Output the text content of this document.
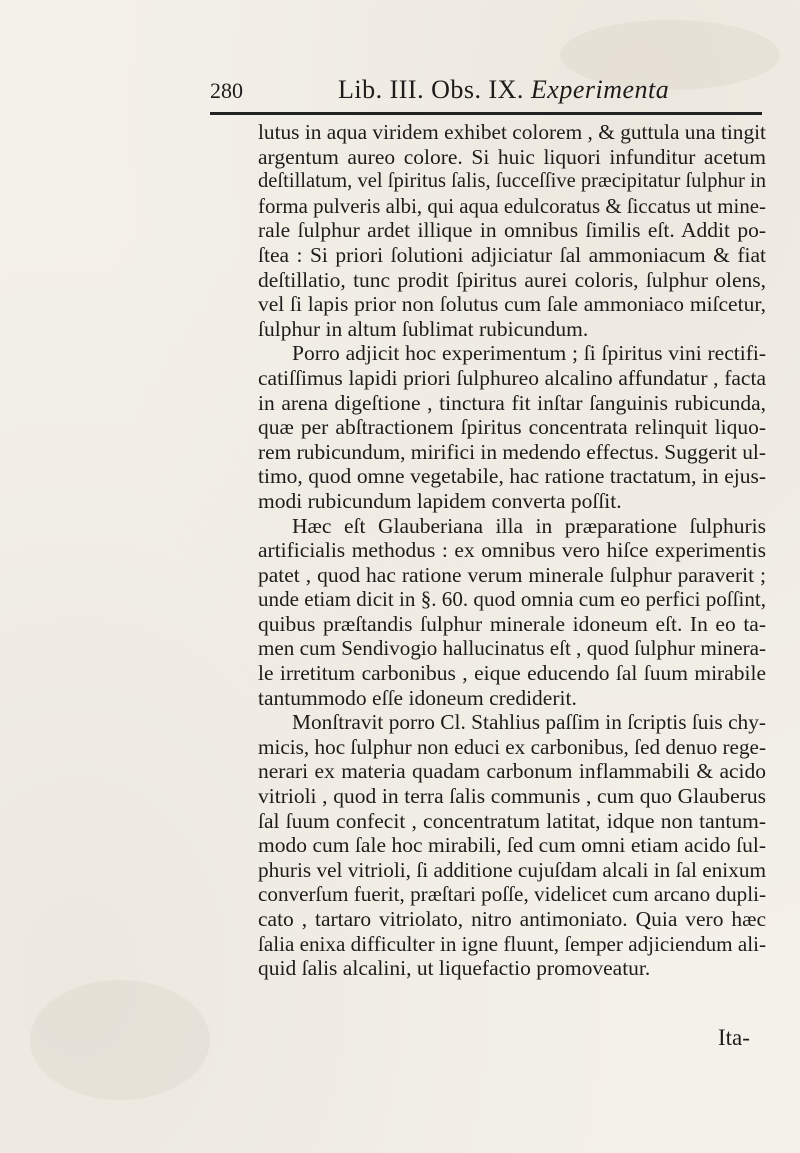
280	Lib. III. Obs. IX. Experimenta
lutus in aqua viridem exhibet colorem , & guttula una tingit
argentum aureo colore. Si huic liquori infunditur acetum
deſtillatum, vel ſpiritus ſalis, ſucceſſive præcipitatur ſulphur in
forma pulveris albi, qui aqua edulcoratus & ſiccatus ut mine-
rale ſulphur ardet illique in omnibus ſimilis eſt. Addit po-
ſtea : Si priori ſolutioni adjiciatur ſal ammoniacum & fiat
deſtillatio, tunc prodit ſpiritus aurei coloris, ſulphur olens,
vel ſi lapis prior non ſolutus cum ſale ammoniaco miſcetur,
ſulphur in altum ſublimat rubicundum.
Porro adjicit hoc experimentum ; ſi ſpiritus vini rectifi-
catiſſimus lapidi priori ſulphureo alcalino affundatur , facta
in arena digeſtione , tinctura fit inſtar ſanguinis rubicunda,
quæ per abſtractionem ſpiritus concentrata relinquit liquo-
rem rubicundum, mirifici in medendo effectus. Suggerit ul-
timo, quod omne vegetabile, hac ratione tractatum, in ejus-
modi rubicundum lapidem converta poſſit.
Hæc eſt Glauberiana illa in præparatione ſulphuris
artificialis methodus : ex omnibus vero hiſce experimentis
patet , quod hac ratione verum minerale ſulphur paraverit ;
unde etiam dicit in §. 60. quod omnia cum eo perfici poſſint,
quibus præſtandis ſulphur minerale idoneum eſt. In eo ta-
men cum Sendivogio hallucinatus eſt , quod ſulphur minera-
le irretitum carbonibus , eique educendo ſal ſuum mirabile
tantummodo eſſe idoneum crediderit.
Monſtravit porro Cl. Stahlius paſſim in ſcriptis ſuis chy-
micis, hoc ſulphur non educi ex carbonibus, ſed denuo rege-
nerari ex materia quadam carbonum inflammabili & acido
vitrioli , quod in terra ſalis communis , cum quo Glauberus
ſal ſuum confecit , concentratum latitat, idque non tantum-
modo cum ſale hoc mirabili, ſed cum omni etiam acido ſul-
phuris vel vitrioli, ſi additione cujuſdam alcali in ſal enixum
converſum fuerit, præſtari poſſe, videlicet cum arcano dupli-
cato , tartaro vitriolato, nitro antimoniato. Quia vero hæc
ſalia enixa difficulter in igne fluunt, ſemper adjiciendum ali-
quid ſalis alcalini, ut liquefactio promoveatur.
Ita-
